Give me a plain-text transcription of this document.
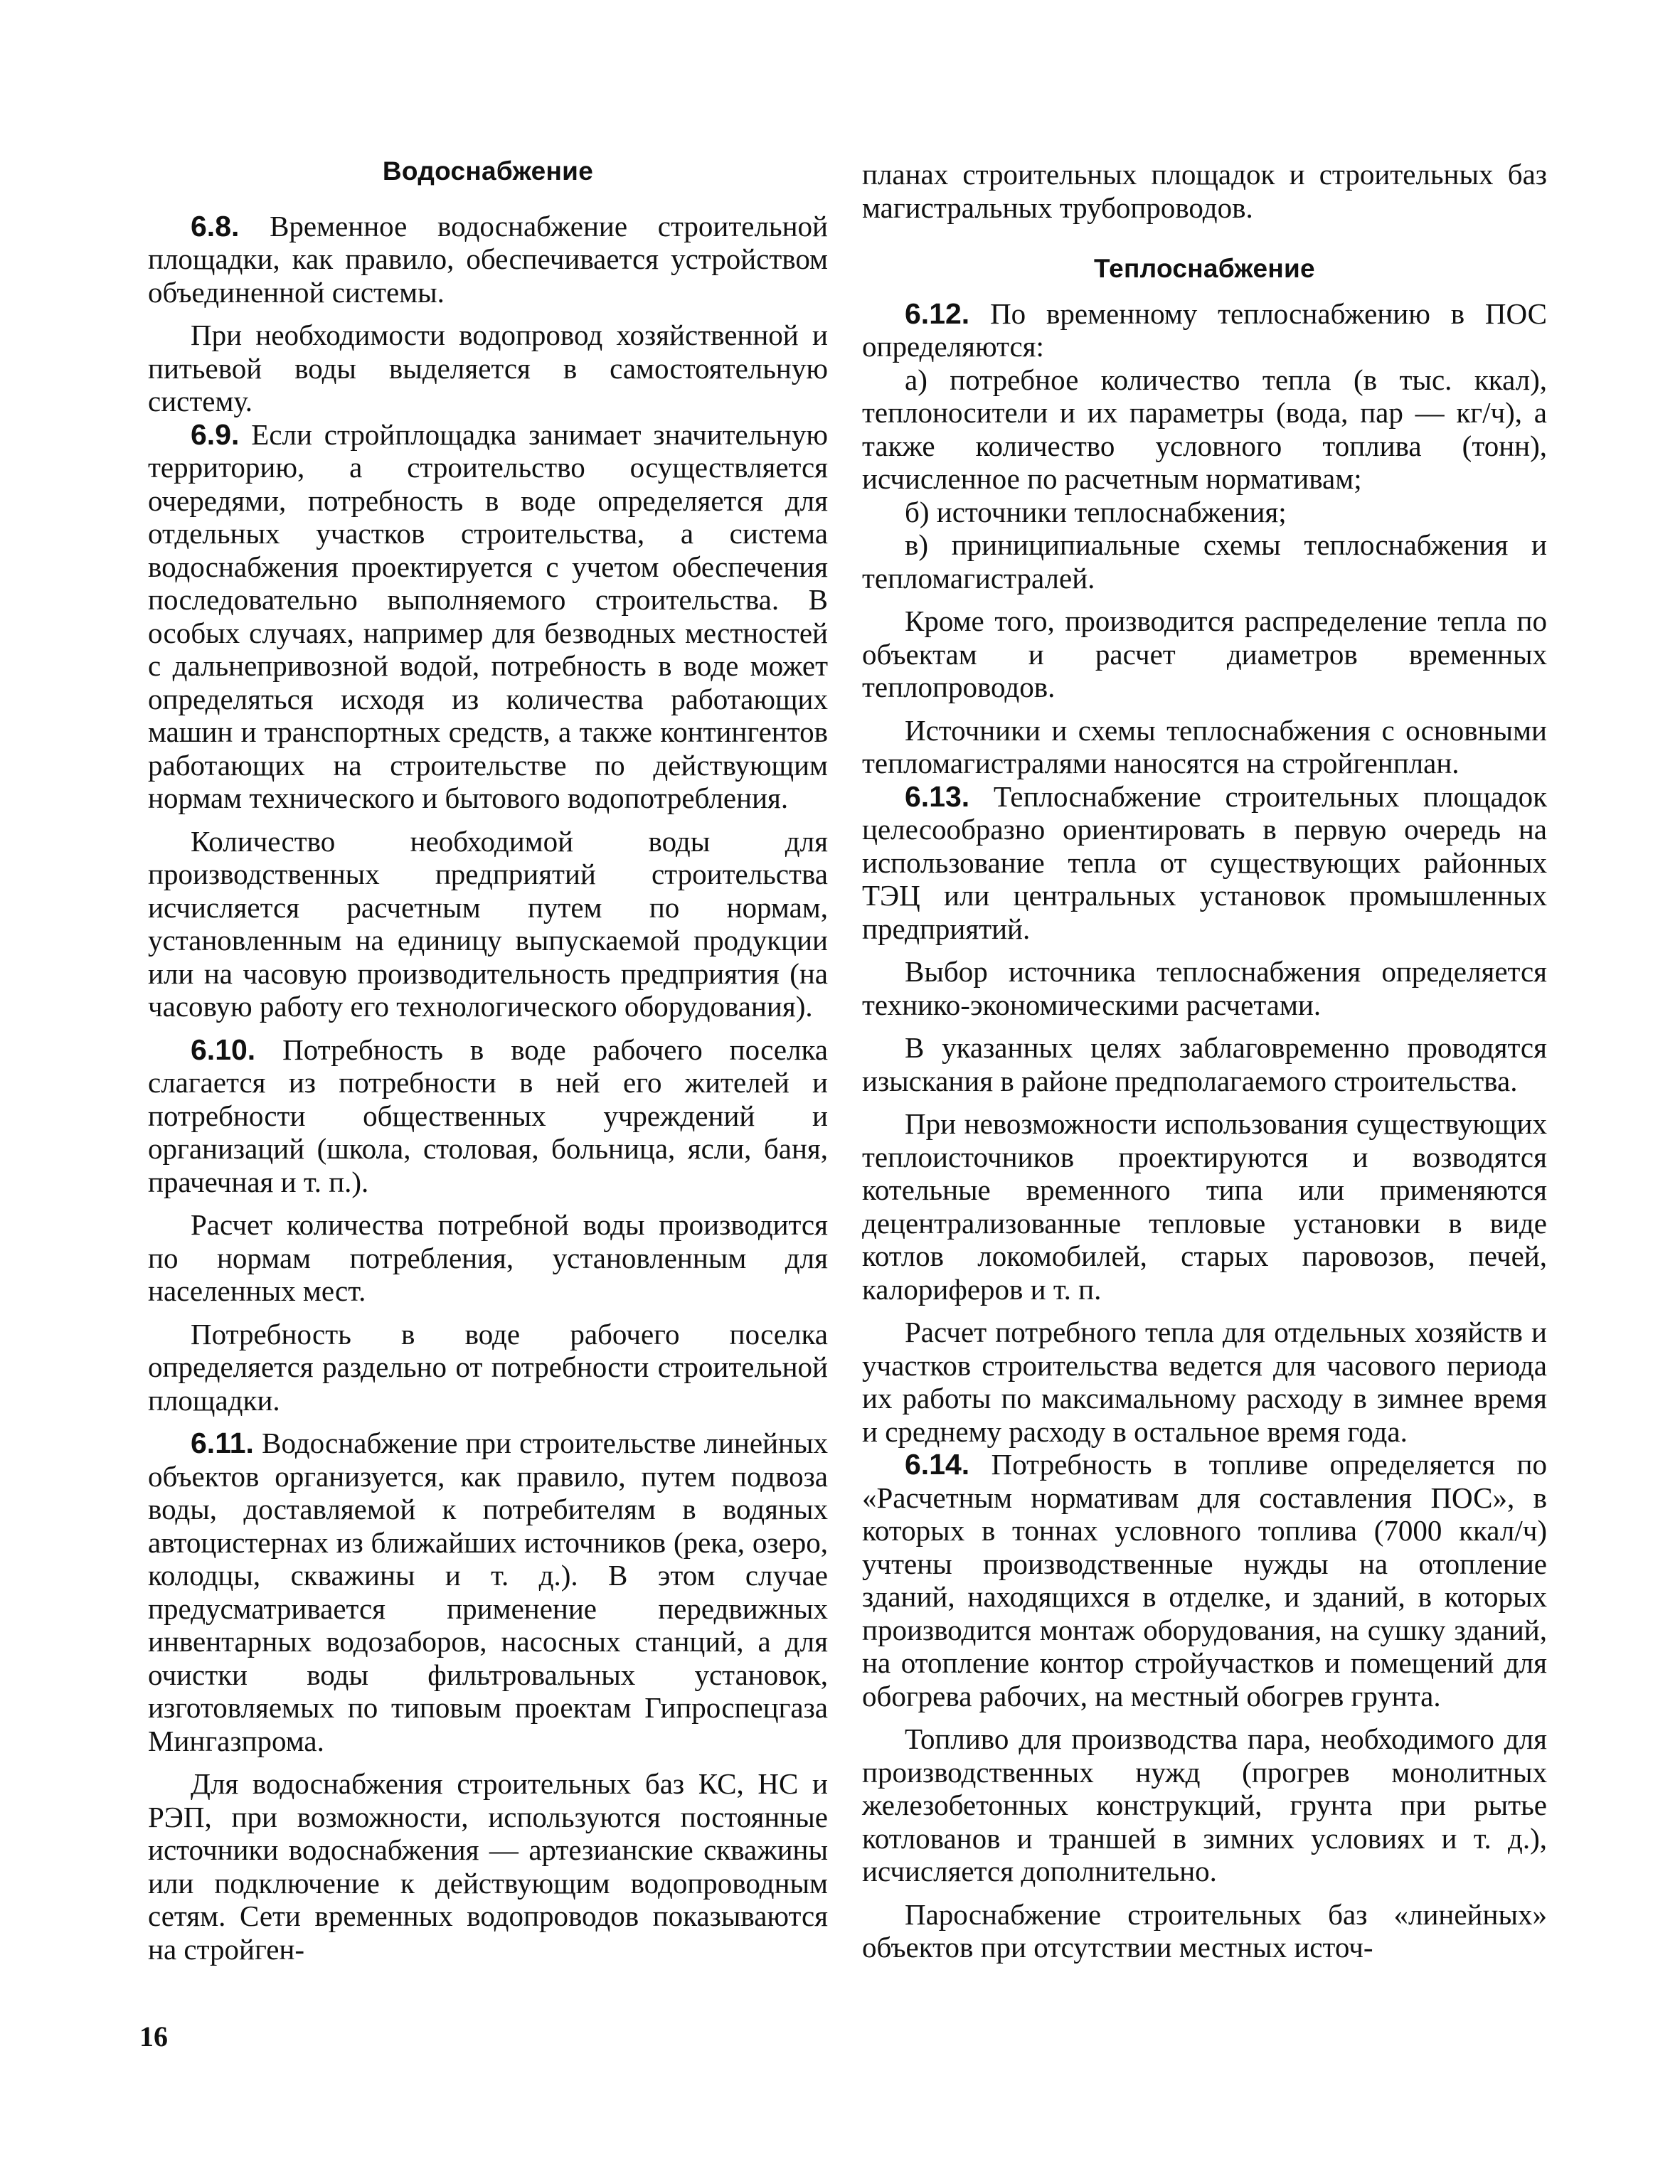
Водоснабжение

6.8. Временное водоснабжение строительной площадки, как правило, обеспечивается устройством объединенной системы.

При необходимости водопровод хозяйственной и питьевой воды выделяется в самостоятельную систему.

6.9. Если стройплощадка занимает значительную территорию, а строительство осуществляется очередями, потребность в воде определяется для отдельных участков строительства, а система водоснабжения проектируется с учетом обеспечения последовательно выполняемого строительства. В особых случаях, например для безводных местностей с дальнепривозной водой, потребность в воде может определяться исходя из количества работающих машин и транспортных средств, а также контингентов работающих на строительстве по действующим нормам технического и бытового водопотребления.

Количество необходимой воды для производственных предприятий строительства исчисляется расчетным путем по нормам, установленным на единицу выпускаемой продукции или на часовую производительность предприятия (на часовую работу его технологического оборудования).

6.10. Потребность в воде рабочего поселка слагается из потребности в ней его жителей и потребности общественных учреждений и организаций (школа, столовая, больница, ясли, баня, прачечная и т. п.).

Расчет количества потребной воды производится по нормам потребления, установленным для населенных мест.

Потребность в воде рабочего поселка определяется раздельно от потребности строительной площадки.

6.11. Водоснабжение при строительстве линейных объектов организуется, как правило, путем подвоза воды, доставляемой к потребителям в водяных автоцистернах из ближайших источников (река, озеро, колодцы, скважины и т. д.). В этом случае предусматривается применение передвижных инвентарных водозаборов, насосных станций, а для очистки воды фильтровальных установок, изготовляемых по типовым проектам Гипроспецгаза Мингазпрома.

Для водоснабжения строительных баз КС, НС и РЭП, при возможности, используются постоянные источники водоснабжения — артезианские скважины или подключение к действующим водопроводным сетям. Сети временных водопроводов показываются на стройген-

планах строительных площадок и строительных баз магистральных трубопроводов.

Теплоснабжение

6.12. По временному теплоснабжению в ПОС определяются:

а) потребное количество тепла (в тыс. ккал), теплоносители и их параметры (вода, пар — кг/ч), а также количество условного топлива (тонн), исчисленное по расчетным нормативам;

б) источники теплоснабжения;

в) приниципиальные схемы теплоснабжения и тепломагистралей.

Кроме того, производится распределение тепла по объектам и расчет диаметров временных теплопроводов.

Источники и схемы теплоснабжения с основными тепломагистралями наносятся на стройгенплан.

6.13. Теплоснабжение строительных площадок целесообразно ориентировать в первую очередь на использование тепла от существующих районных ТЭЦ или центральных установок промышленных предприятий.

Выбор источника теплоснабжения определяется технико-экономическими расчетами.

В указанных целях заблаговременно проводятся изыскания в районе предполагаемого строительства.

При невозможности использования существующих теплоисточников проектируются и возводятся котельные временного типа или применяются децентрализованные тепловые установки в виде котлов локомобилей, старых паровозов, печей, калориферов и т. п.

Расчет потребного тепла для отдельных хозяйств и участков строительства ведется для часового периода их работы по максимальному расходу в зимнее время и среднему расходу в остальное время года.

6.14. Потребность в топливе определяется по «Расчетным нормативам для составления ПОС», в которых в тоннах условного топлива (7000 ккал/ч) учтены производственные нужды на отопление зданий, находящихся в отделке, и зданий, в которых производится монтаж оборудования, на сушку зданий, на отопление контор стройучастков и помещений для обогрева рабочих, на местный обогрев грунта.

Топливо для производства пара, необходимого для производственных нужд (прогрев монолитных железобетонных конструкций, грунта при рытье котлованов и траншей в зимних условиях и т. д.), исчисляется дополнительно.

Пароснабжение строительных баз «линейных» объектов при отсутствии местных источ-

16
